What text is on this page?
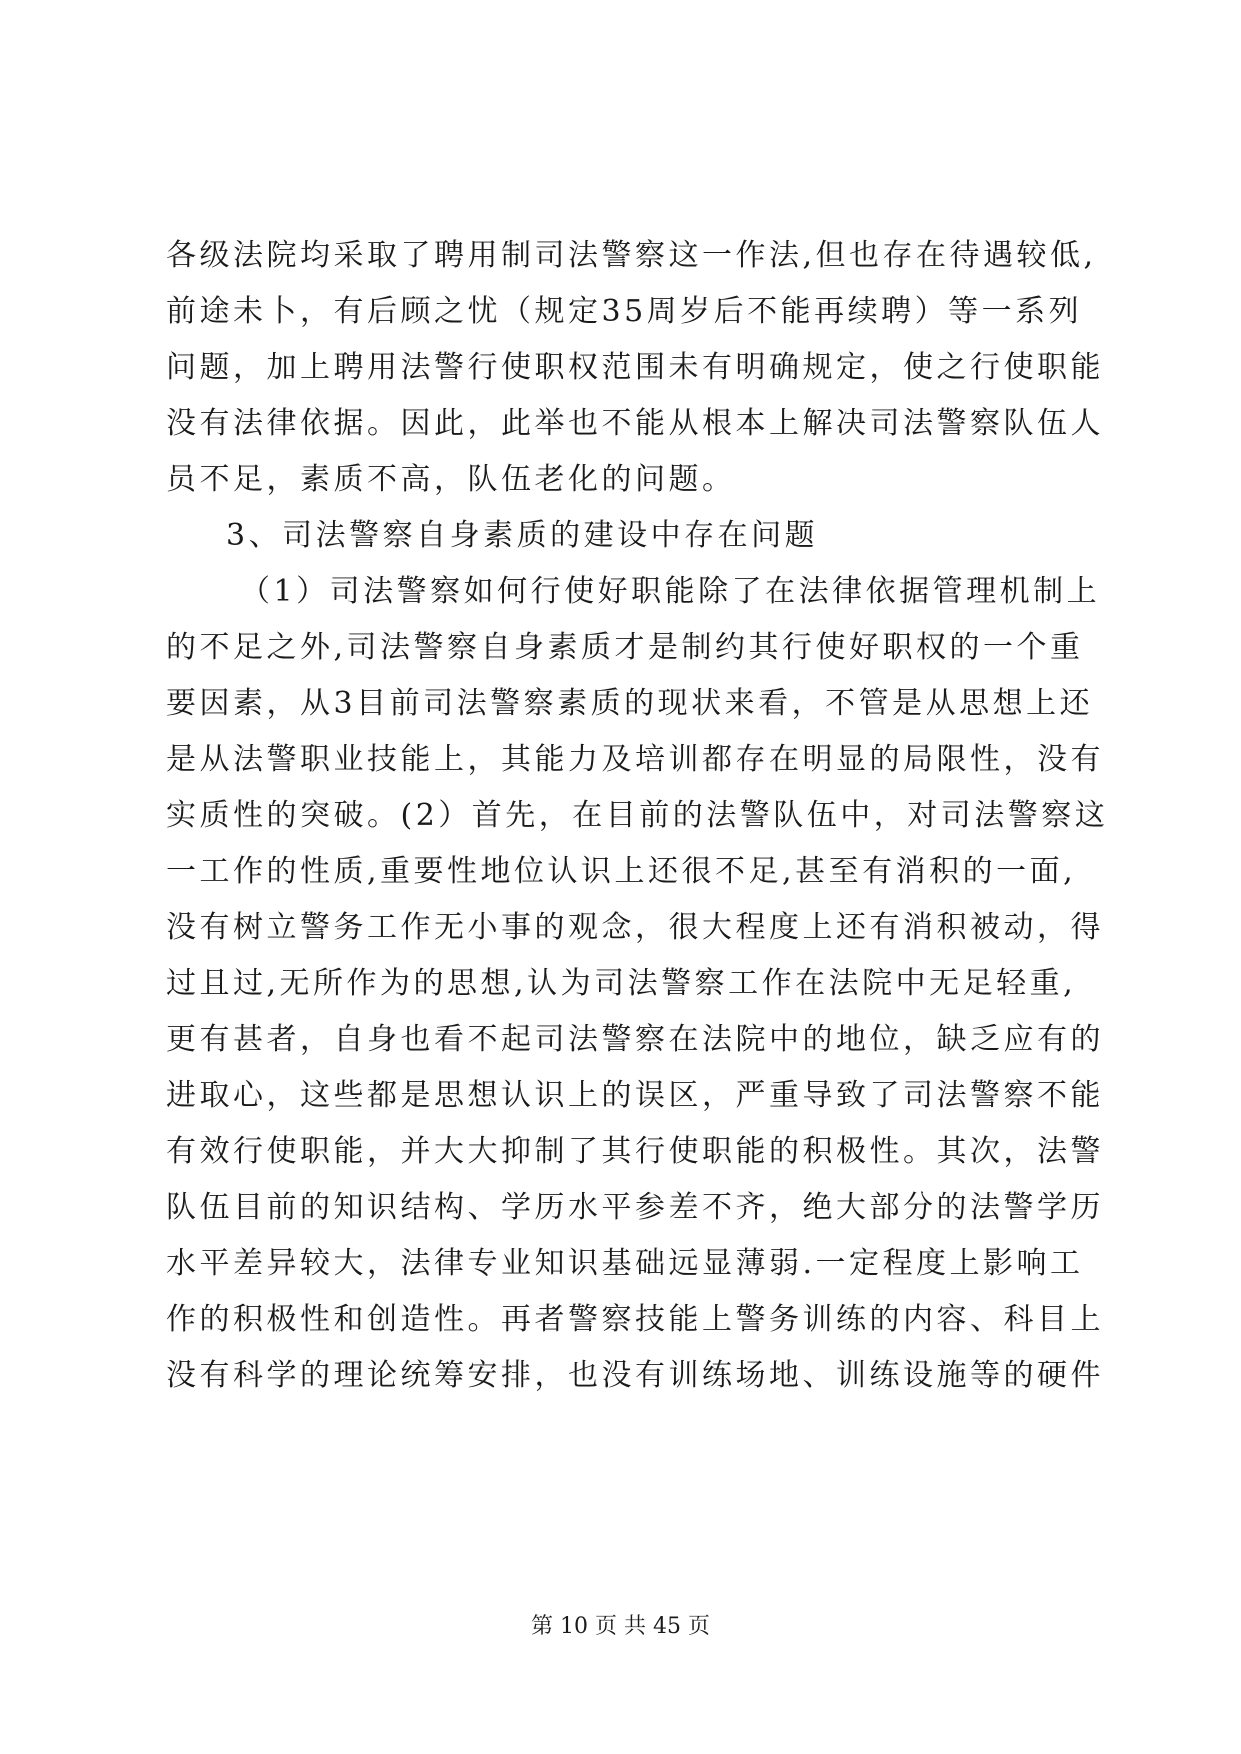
各级法院均采取了聘用制司法警察这一作法,但也存在待遇较低,
前途未卜，有后顾之忧（规定35周岁后不能再续聘）等一系列
问题，加上聘用法警行使职权范围未有明确规定，使之行使职能
没有法律依据。因此，此举也不能从根本上解决司法警察队伍人
员不足，素质不高，队伍老化的问题。
3、司法警察自身素质的建设中存在问题
（1）司法警察如何行使好职能除了在法律依据管理机制上
的不足之外,司法警察自身素质才是制约其行使好职权的一个重
要因素，从3目前司法警察素质的现状来看，不管是从思想上还
是从法警职业技能上，其能力及培训都存在明显的局限性，没有
实质性的突破。(2）首先，在目前的法警队伍中，对司法警察这
一工作的性质,重要性地位认识上还很不足,甚至有消积的一面,
没有树立警务工作无小事的观念，很大程度上还有消积被动，得
过且过,无所作为的思想,认为司法警察工作在法院中无足轻重,
更有甚者，自身也看不起司法警察在法院中的地位，缺乏应有的
进取心，这些都是思想认识上的误区，严重导致了司法警察不能
有效行使职能，并大大抑制了其行使职能的积极性。其次，法警
队伍目前的知识结构、学历水平参差不齐，绝大部分的法警学历
水平差异较大，法律专业知识基础远显薄弱.一定程度上影响工
作的积极性和创造性。再者警察技能上警务训练的内容、科目上
没有科学的理论统筹安排，也没有训练场地、训练设施等的硬件
第 10 页 共 45 页
